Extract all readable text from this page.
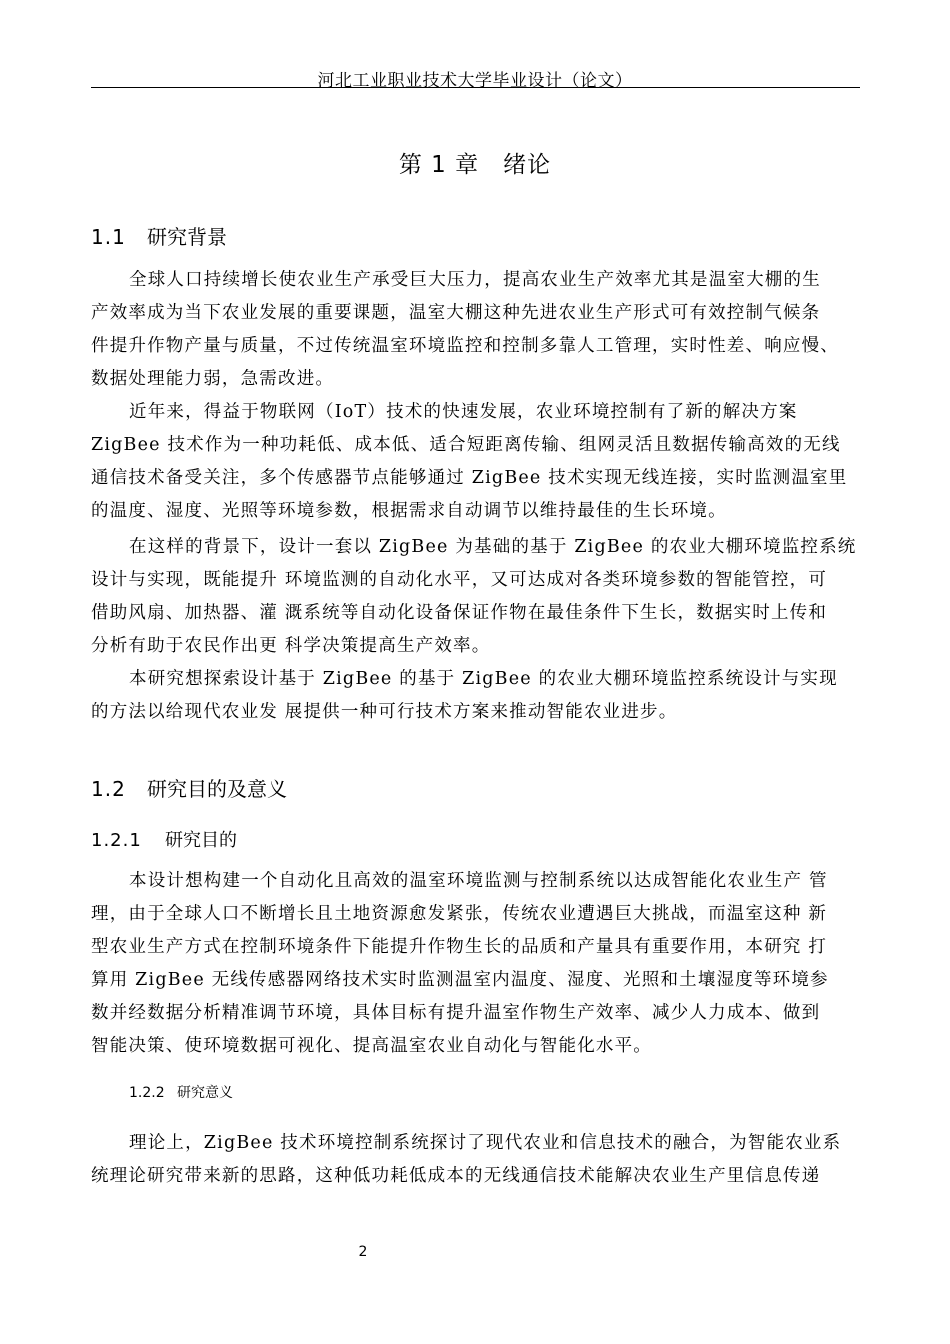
河北工业职业技术大学毕业设计（论文）
第 1 章 绪论
1.1 研究背景
全球人口持续增长使农业生产承受巨大压力，提高农业生产效率尤其是温室大棚的生
产效率成为当下农业发展的重要课题，温室大棚这种先进农业生产形式可有效控制气候条
件提升作物产量与质量，不过传统温室环境监控和控制多靠人工管理，实时性差、响应慢、
数据处理能力弱，急需改进。
近年来，得益于物联网（IoT）技术的快速发展，农业环境控制有了新的解决方案
ZigBee 技术作为一种功耗低、成本低、适合短距离传输、组网灵活且数据传输高效的无线
通信技术备受关注，多个传感器节点能够通过 ZigBee 技术实现无线连接，实时监测温室里
的温度、湿度、光照等环境参数，根据需求自动调节以维持最佳的生长环境。
在这样的背景下，设计一套以 ZigBee 为基础的基于 ZigBee 的农业大棚环境监控系统
设计与实现，既能提升 环境监测的自动化水平，又可达成对各类环境参数的智能管控，可
借助风扇、加热器、灌 溉系统等自动化设备保证作物在最佳条件下生长，数据实时上传和
分析有助于农民作出更 科学决策提高生产效率。
本研究想探索设计基于 ZigBee 的基于 ZigBee 的农业大棚环境监控系统设计与实现
的方法以给现代农业发 展提供一种可行技术方案来推动智能农业进步。
1.2 研究目的及意义
1.2.1 研究目的
本设计想构建一个自动化且高效的温室环境监测与控制系统以达成智能化农业生产 管
理，由于全球人口不断增长且土地资源愈发紧张，传统农业遭遇巨大挑战，而温室这种 新
型农业生产方式在控制环境条件下能提升作物生长的品质和产量具有重要作用，本研究 打
算用 ZigBee 无线传感器网络技术实时监测温室内温度、湿度、光照和土壤湿度等环境参
数并经数据分析精准调节环境，具体目标有提升温室作物生产效率、减少人力成本、做到
智能决策、使环境数据可视化、提高温室农业自动化与智能化水平。
1.2.2 研究意义
理论上，ZigBee 技术环境控制系统探讨了现代农业和信息技术的融合，为智能农业系
统理论研究带来新的思路，这种低功耗低成本的无线通信技术能解决农业生产里信息传递
2
